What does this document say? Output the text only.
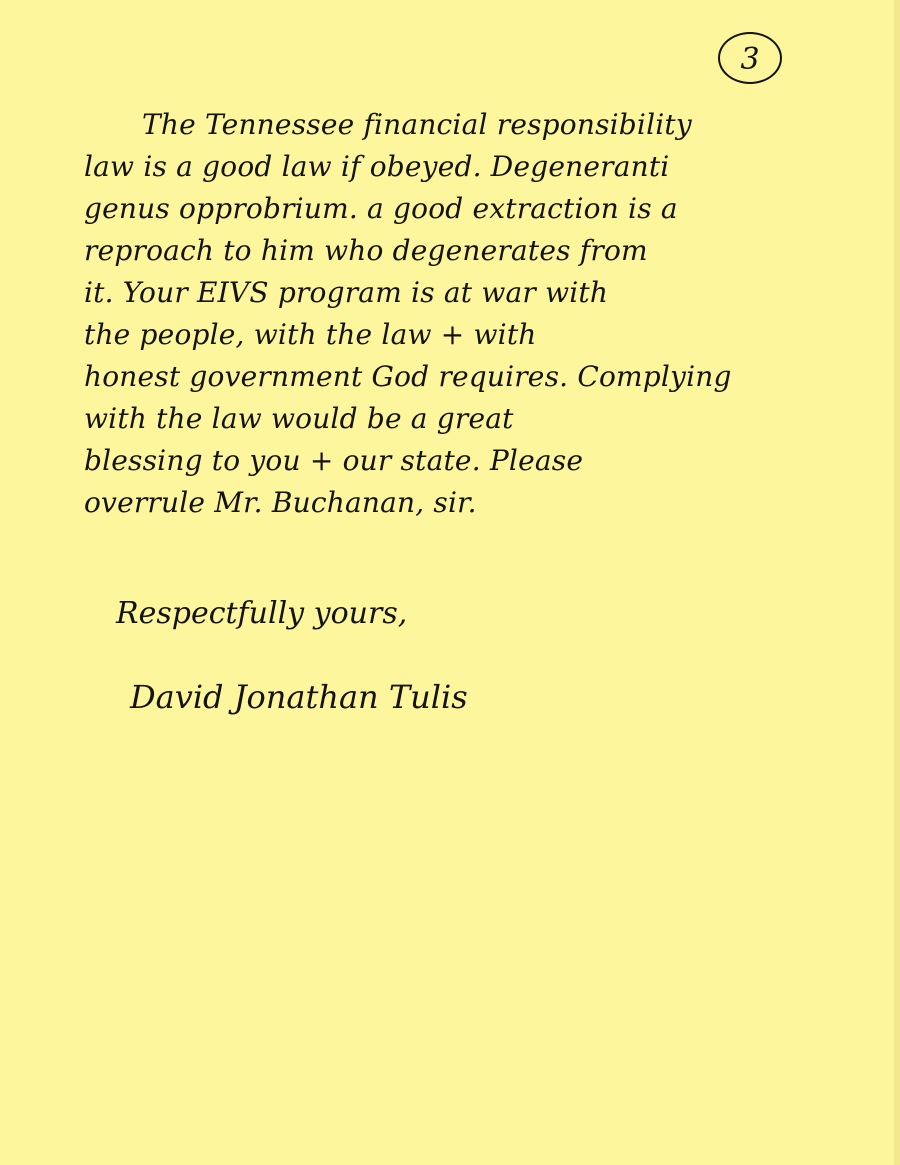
3
The Tennessee financial responsibility
law is a good law if obeyed. Degeneranti
genus opprobrium. a good extraction is a
reproach to him who degenerates from
it. Your EIVS program is at war with
the people, with the law + with
honest government God requires. Complying
with the law would be a great
blessing to you + our state. Please
overrule Mr. Buchanan, sir.
Respectfully yours,
David Jonathan Tulis
